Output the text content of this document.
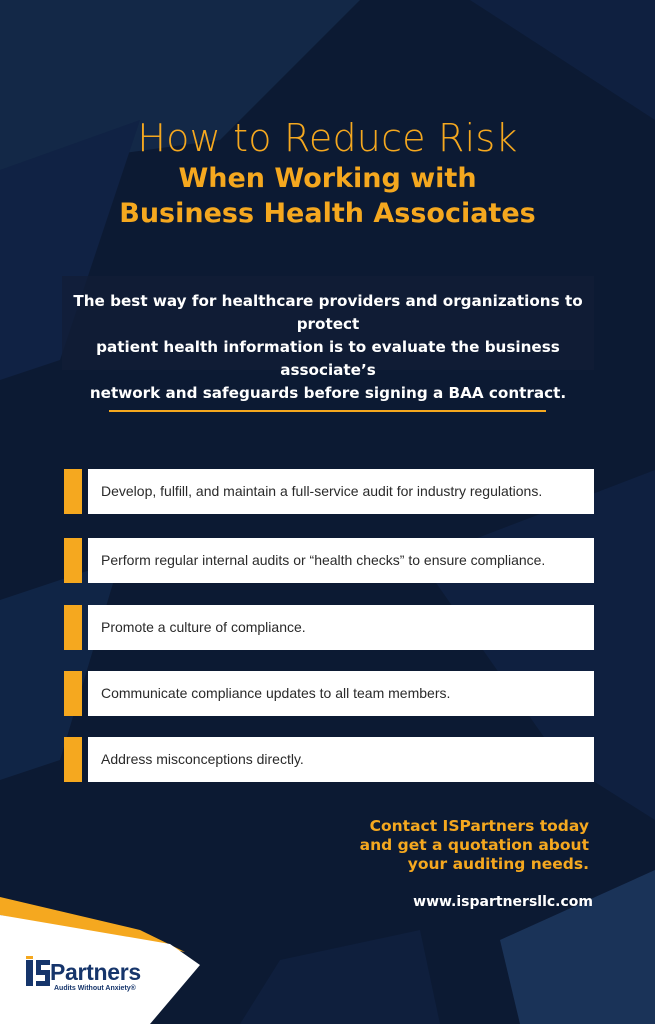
How to Reduce Risk
When Working with
Business Health Associates
The best way for healthcare providers and organizations to protect
patient health information is to evaluate the business associate’s
network and safeguards before signing a BAA contract.
Develop, fulfill, and maintain a full-service audit for industry regulations.
Perform regular internal audits or “health checks” to ensure compliance.
Promote a culture of compliance.
Communicate compliance updates to all team members.
Address misconceptions directly.
Contact ISPartners today
and get a quotation about
your auditing needs.
www.ispartnersllc.com
Partners
Audits Without Anxiety®
